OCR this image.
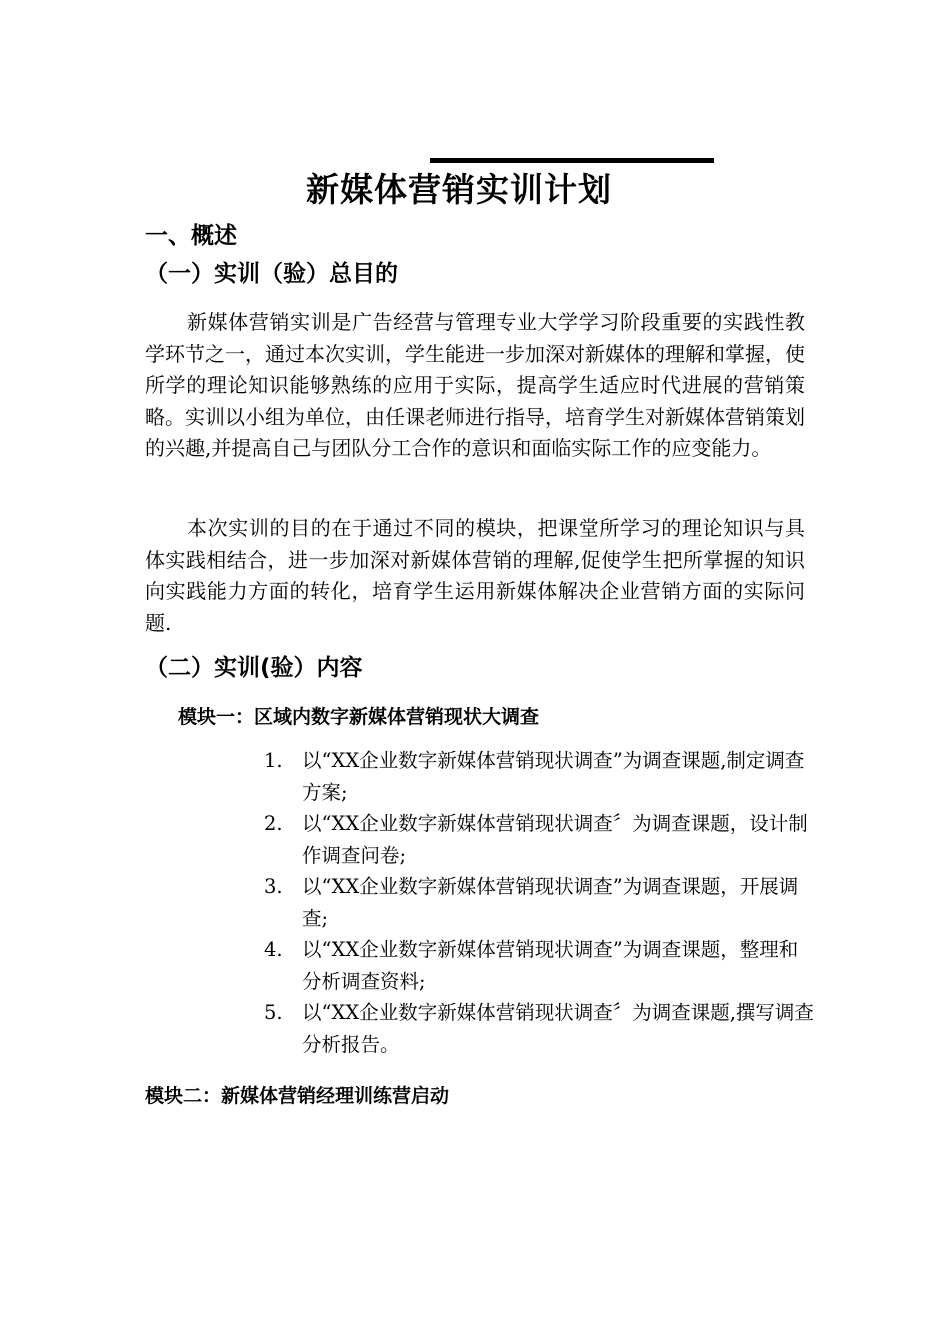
新媒体营销实训计划
一、概述
（一）实训（验）总目的
新媒体营销实训是广告经营与管理专业大学学习阶段重要的实践性教学环节之一，通过本次实训，学生能进一步加深对新媒体的理解和掌握，使所学的理论知识能够熟练的应用于实际，提高学生适应时代进展的营销策略。实训以小组为单位，由任课老师进行指导，培育学生对新媒体营销策划的兴趣,并提高自己与团队分工合作的意识和面临实际工作的应变能力。
本次实训的目的在于通过不同的模块，把课堂所学习的理论知识与具体实践相结合，进一步加深对新媒体营销的理解,促使学生把所掌握的知识向实践能力方面的转化，培育学生运用新媒体解决企业营销方面的实际问题.
（二）实训(验）内容
模块一：区域内数字新媒体营销现状大调查
1. 以“XX企业数字新媒体营销现状调查”为调查课题,制定调查方案;
2. 以“XX企业数字新媒体营销现状调查〞为调查课题，设计制作调查问卷;
3. 以“XX企业数字新媒体营销现状调查”为调查课题，开展调查;
4. 以“XX企业数字新媒体营销现状调查”为调查课题，整理和分析调查资料;
5. 以“XX企业数字新媒体营销现状调查〞为调查课题,撰写调查分析报告。
模块二：新媒体营销经理训练营启动
